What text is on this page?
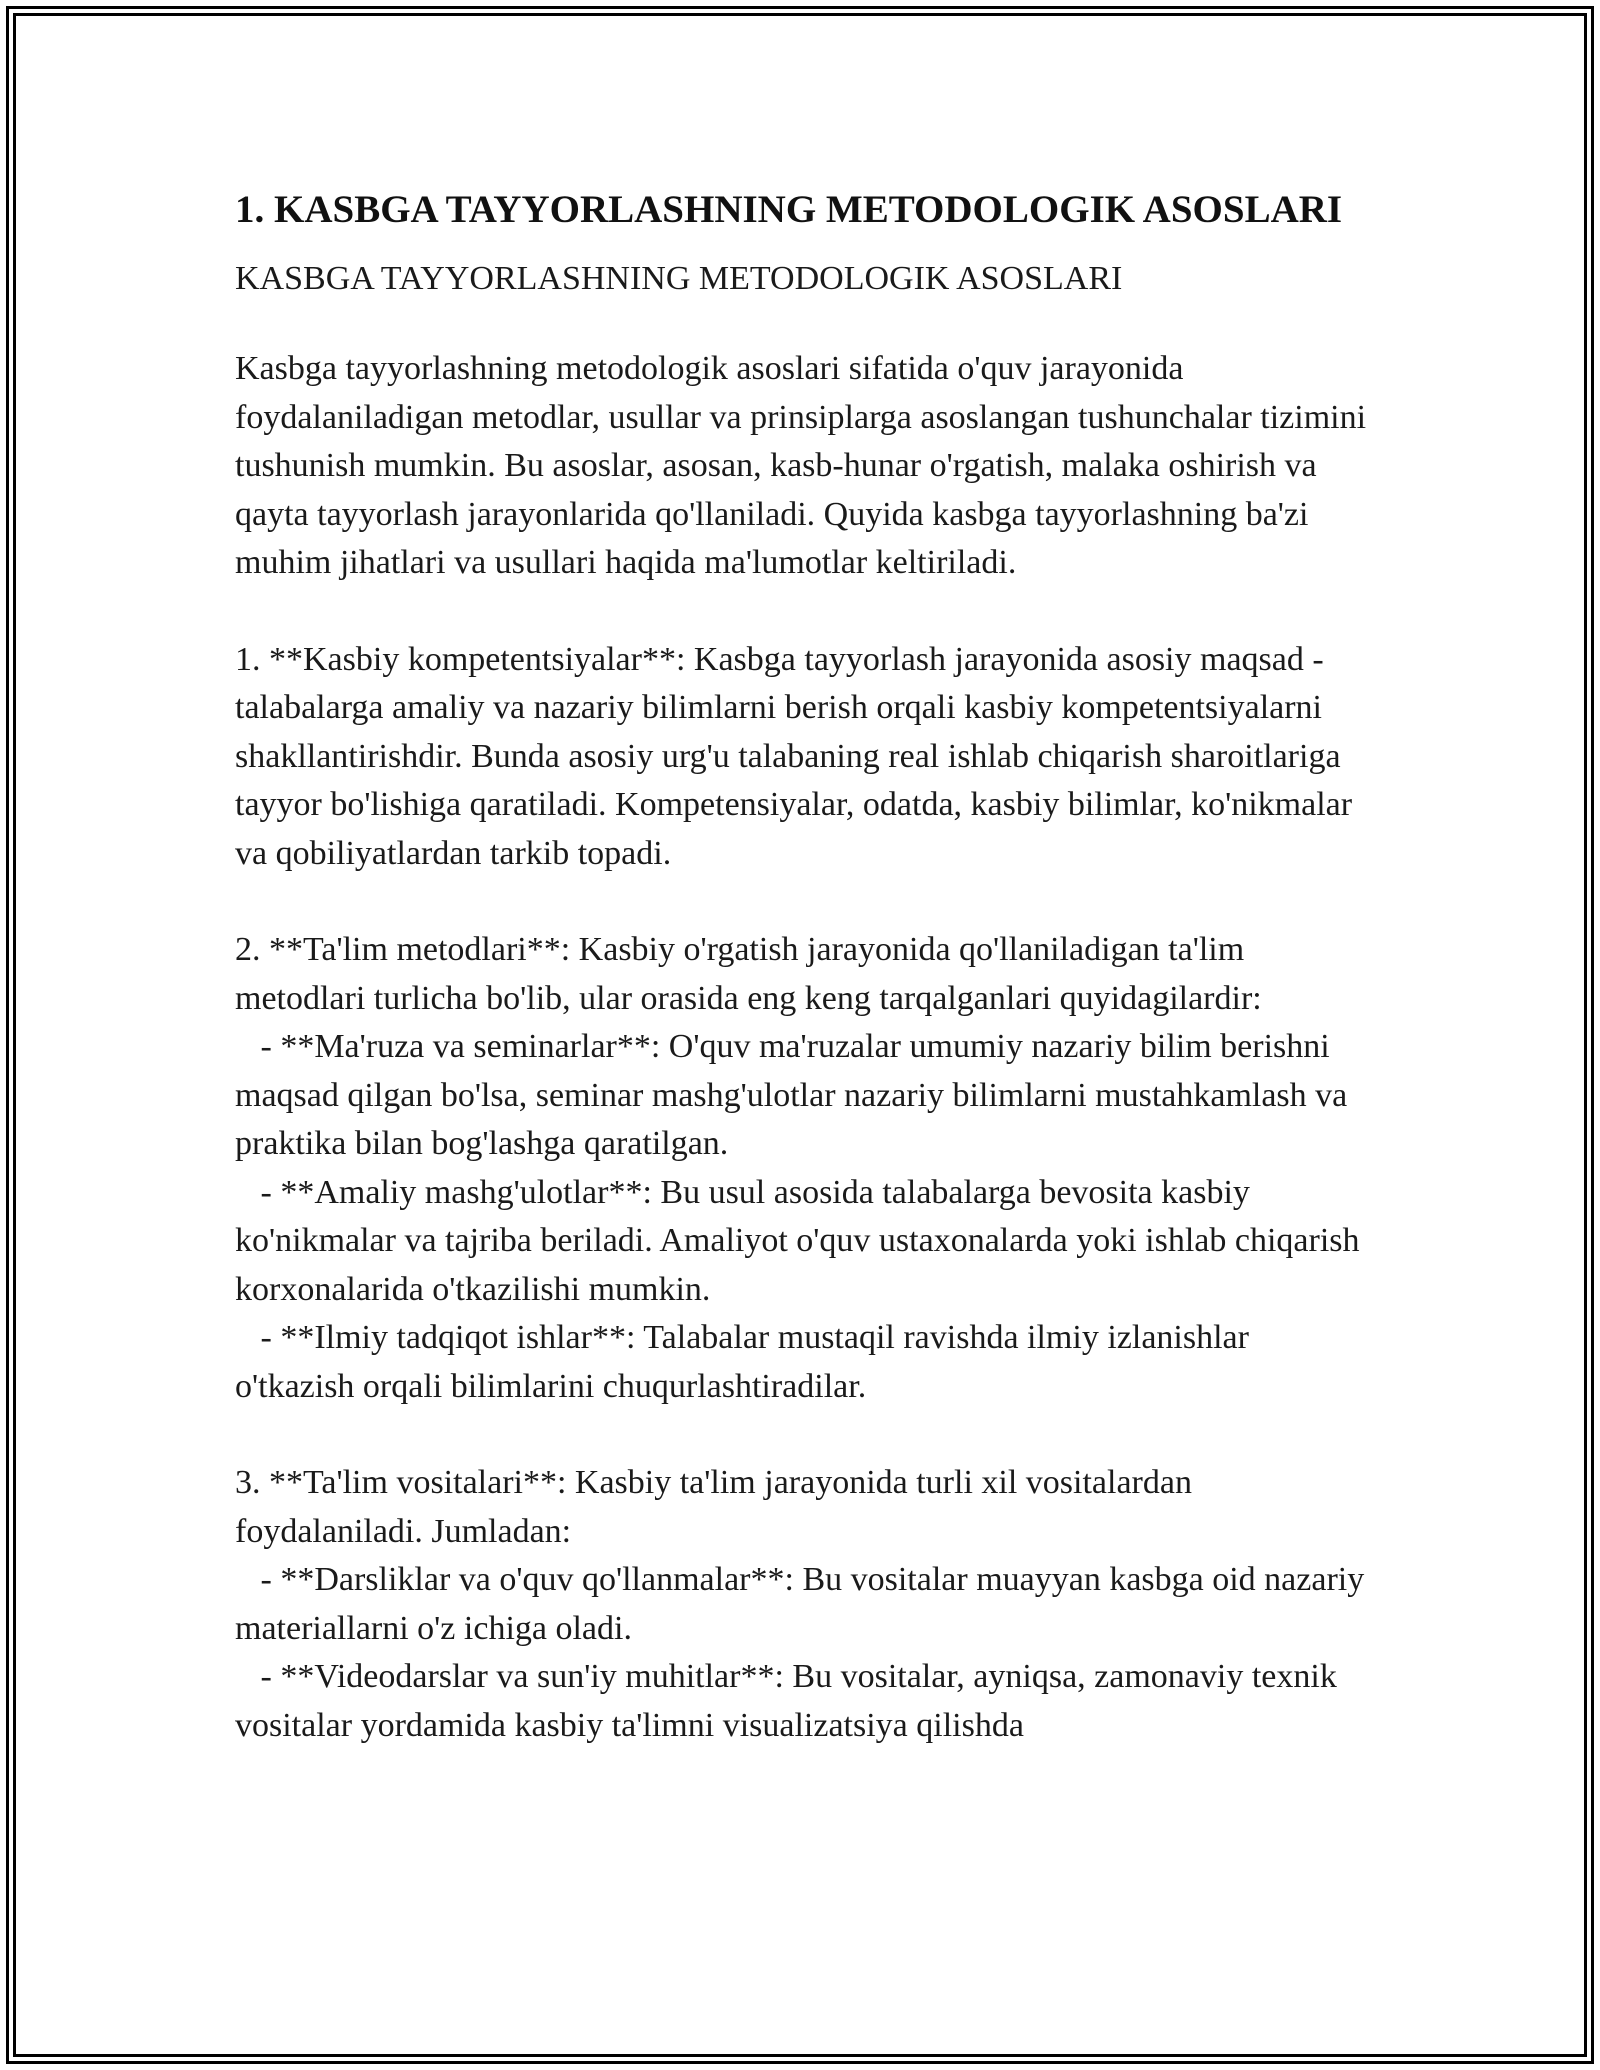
1. KASBGA TAYYORLASHNING METODOLOGIK ASOSLARI

KASBGA TAYYORLASHNING METODOLOGIK ASOSLARI

Kasbga tayyorlashning metodologik asoslari sifatida o'quv jarayonida foydalaniladigan metodlar, usullar va prinsiplarga asoslangan tushunchalar tizimini tushunish mumkin. Bu asoslar, asosan, kasb-hunar o'rgatish, malaka oshirish va qayta tayyorlash jarayonlarida qo'llaniladi. Quyida kasbga tayyorlashning ba'zi muhim jihatlari va usullari haqida ma'lumotlar keltiriladi.

1. **Kasbiy kompetentsiyalar**: Kasbga tayyorlash jarayonida asosiy maqsad - talabalarga amaliy va nazariy bilimlarni berish orqali kasbiy kompetentsiyalarni shakllantirishdir. Bunda asosiy urg'u talabaning real ishlab chiqarish sharoitlariga tayyor bo'lishiga qaratiladi. Kompetensiyalar, odatda, kasbiy bilimlar, ko'nikmalar va qobiliyatlardan tarkib topadi.

2. **Ta'lim metodlari**: Kasbiy o'rgatish jarayonida qo'llaniladigan ta'lim metodlari turlicha bo'lib, ular orasida eng keng tarqalganlari quyidagilardir:
- **Ma'ruza va seminarlar**: O'quv ma'ruzalar umumiy nazariy bilim berishni maqsad qilgan bo'lsa, seminar mashg'ulotlar nazariy bilimlarni mustahkamlash va praktika bilan bog'lashga qaratilgan.
- **Amaliy mashg'ulotlar**: Bu usul asosida talabalarga bevosita kasbiy ko'nikmalar va tajriba beriladi. Amaliyot o'quv ustaxonalarda yoki ishlab chiqarish korxonalarida o'tkazilishi mumkin.
- **Ilmiy tadqiqot ishlar**: Talabalar mustaqil ravishda ilmiy izlanishlar o'tkazish orqali bilimlarini chuqurlashtiradilar.

3. **Ta'lim vositalari**: Kasbiy ta'lim jarayonida turli xil vositalardan foydalaniladi. Jumladan:
- **Darsliklar va o'quv qo'llanmalar**: Bu vositalar muayyan kasbga oid nazariy materiallarni o'z ichiga oladi.
- **Videodarslar va sun'iy muhitlar**: Bu vositalar, ayniqsa, zamonaviy texnik vositalar yordamida kasbiy ta'limni visualizatsiya qilishda
